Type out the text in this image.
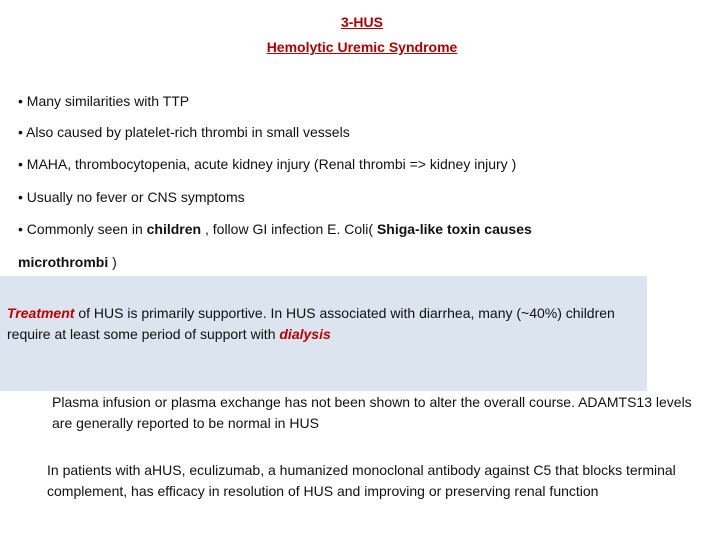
3-HUS
Hemolytic Uremic Syndrome
• Many similarities with TTP
• Also caused by platelet-rich thrombi in small vessels
• MAHA, thrombocytopenia, acute kidney injury (Renal thrombi => kidney injury )
• Usually no fever or CNS symptoms
• Commonly seen in children , follow GI infection E. Coli( Shiga-like toxin causes
microthrombi )
Treatment of HUS is primarily supportive. In HUS associated with diarrhea, many (~40%) children require at least some period of support with dialysis
Plasma infusion or plasma exchange has not been shown to alter the overall course. ADAMTS13 levels are generally reported to be normal in HUS
In patients with aHUS, eculizumab, a humanized monoclonal antibody against C5 that blocks terminal complement, has efficacy in resolution of HUS and improving or preserving renal function
